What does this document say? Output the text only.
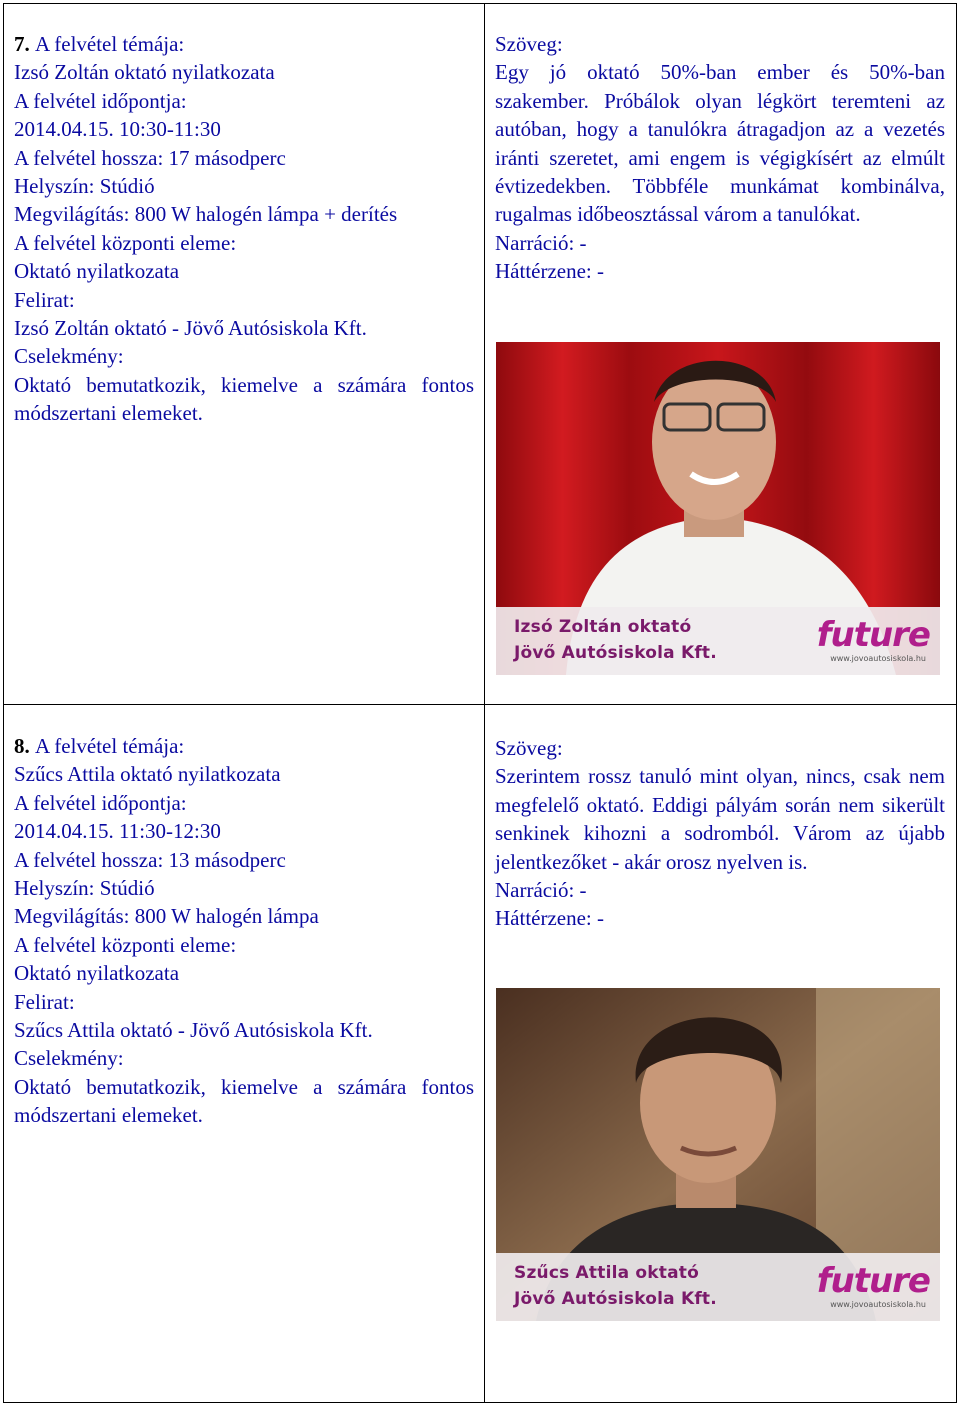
7. A felvétel témája:

Izsó Zoltán oktató nyilatkozata

A felvétel időpontja:

2014.04.15. 10:30-11:30

A felvétel hossza: 17 másodperc

Helyszín: Stúdió

Megvilágítás: 800 W halogén lámpa + derítés

A felvétel központi eleme:

Oktató nyilatkozata

Felirat:

Izsó Zoltán oktató - Jövő Autósiskola Kft.

Cselekmény:

Oktató bemutatkozik, kiemelve a számára fontos módszertani elemeket.

Szöveg:

Egy jó oktató 50%-ban ember és 50%-ban szakember. Próbálok olyan légkört teremteni az autóban, hogy a tanulókra átragadjon az a vezetés iránti szeretet, ami engem is végigkísért az elmúlt évtizedekben. Többféle munkámat kombinálva, rugalmas időbeosztással várom a tanulókat.

Narráció: -

Háttérzene: -

Izsó Zoltán oktató
Jövő Autósiskola Kft.	future
www.jovoautosiskola.hu

8. A felvétel témája:

Szűcs Attila oktató nyilatkozata

A felvétel időpontja:

2014.04.15. 11:30-12:30

A felvétel hossza: 13 másodperc

Helyszín: Stúdió

Megvilágítás: 800 W halogén lámpa

A felvétel központi eleme:

Oktató nyilatkozata

Felirat:

Szűcs Attila oktató - Jövő Autósiskola Kft.

Cselekmény:

Oktató bemutatkozik, kiemelve a számára fontos módszertani elemeket.

Szöveg:

Szerintem rossz tanuló mint olyan, nincs, csak nem megfelelő oktató. Eddigi pályám során nem sikerült senkinek kihozni a sodromból. Várom az újabb jelentkezőket - akár orosz nyelven is.

Narráció: -

Háttérzene: -

Szűcs Attila oktató
Jövő Autósiskola Kft.	future
www.jovoautosiskola.hu
